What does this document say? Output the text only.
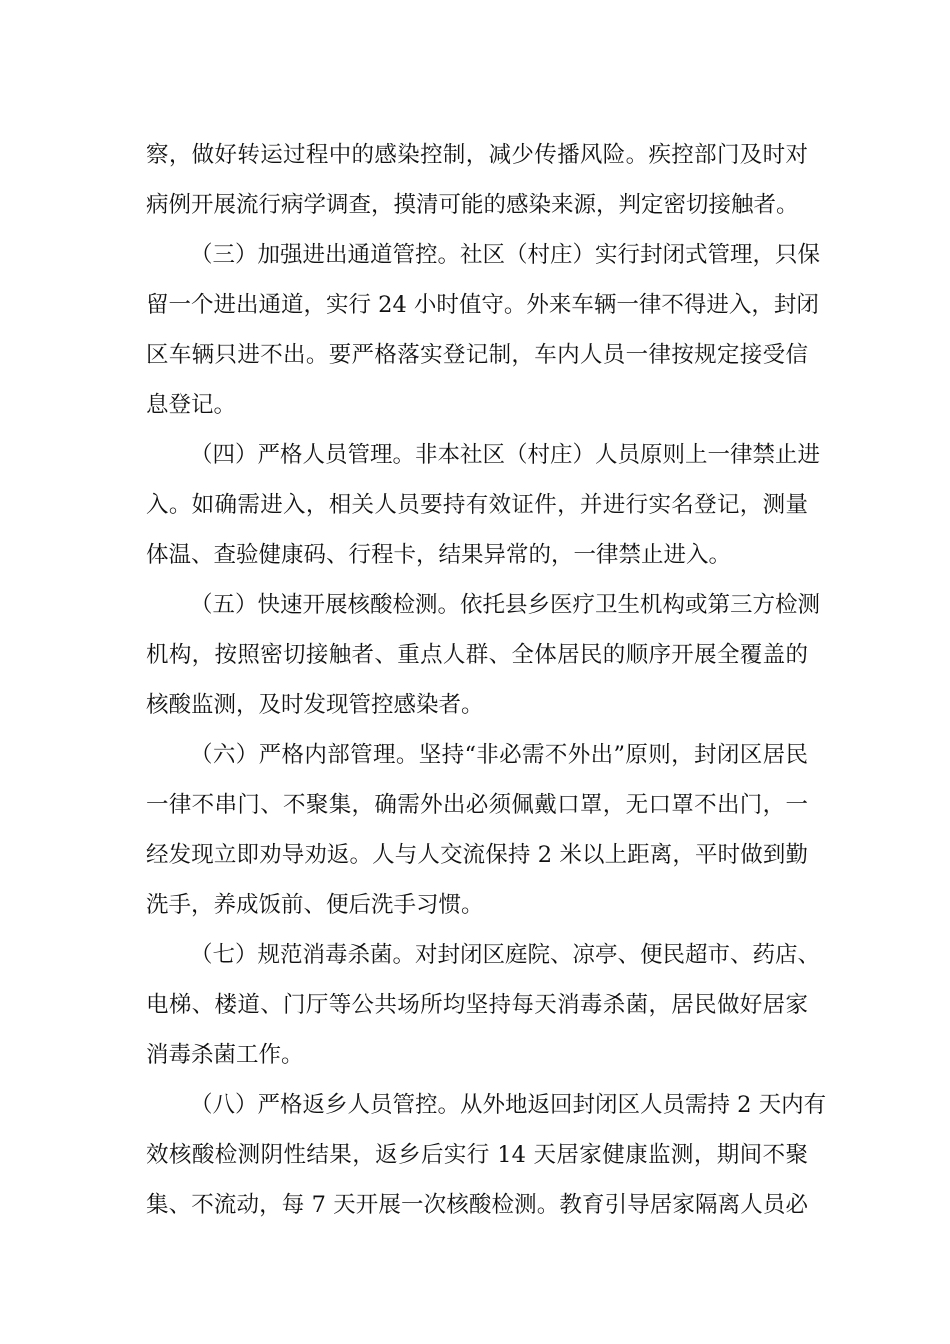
察，做好转运过程中的感染控制，减少传播风险。疾控部门及时对
病例开展流行病学调查，摸清可能的感染来源，判定密切接触者。
（三）加强进出通道管控。社区（村庄）实行封闭式管理，只保
留一个进出通道，实行 24 小时值守。外来车辆一律不得进入，封闭
区车辆只进不出。要严格落实登记制，车内人员一律按规定接受信
息登记。
（四）严格人员管理。非本社区（村庄）人员原则上一律禁止进
入。如确需进入，相关人员要持有效证件，并进行实名登记，测量
体温、查验健康码、行程卡，结果异常的，一律禁止进入。
（五）快速开展核酸检测。依托县乡医疗卫生机构或第三方检测
机构，按照密切接触者、重点人群、全体居民的顺序开展全覆盖的
核酸监测，及时发现管控感染者。
（六）严格内部管理。坚持“非必需不外出”原则，封闭区居民
一律不串门、不聚集，确需外出必须佩戴口罩，无口罩不出门，一
经发现立即劝导劝返。人与人交流保持 2 米以上距离，平时做到勤
洗手，养成饭前、便后洗手习惯。
（七）规范消毒杀菌。对封闭区庭院、凉亭、便民超市、药店、
电梯、楼道、门厅等公共场所均坚持每天消毒杀菌，居民做好居家
消毒杀菌工作。
（八）严格返乡人员管控。从外地返回封闭区人员需持 2 天内有
效核酸检测阴性结果，返乡后实行 14 天居家健康监测，期间不聚
集、不流动，每 7 天开展一次核酸检测。教育引导居家隔离人员必
